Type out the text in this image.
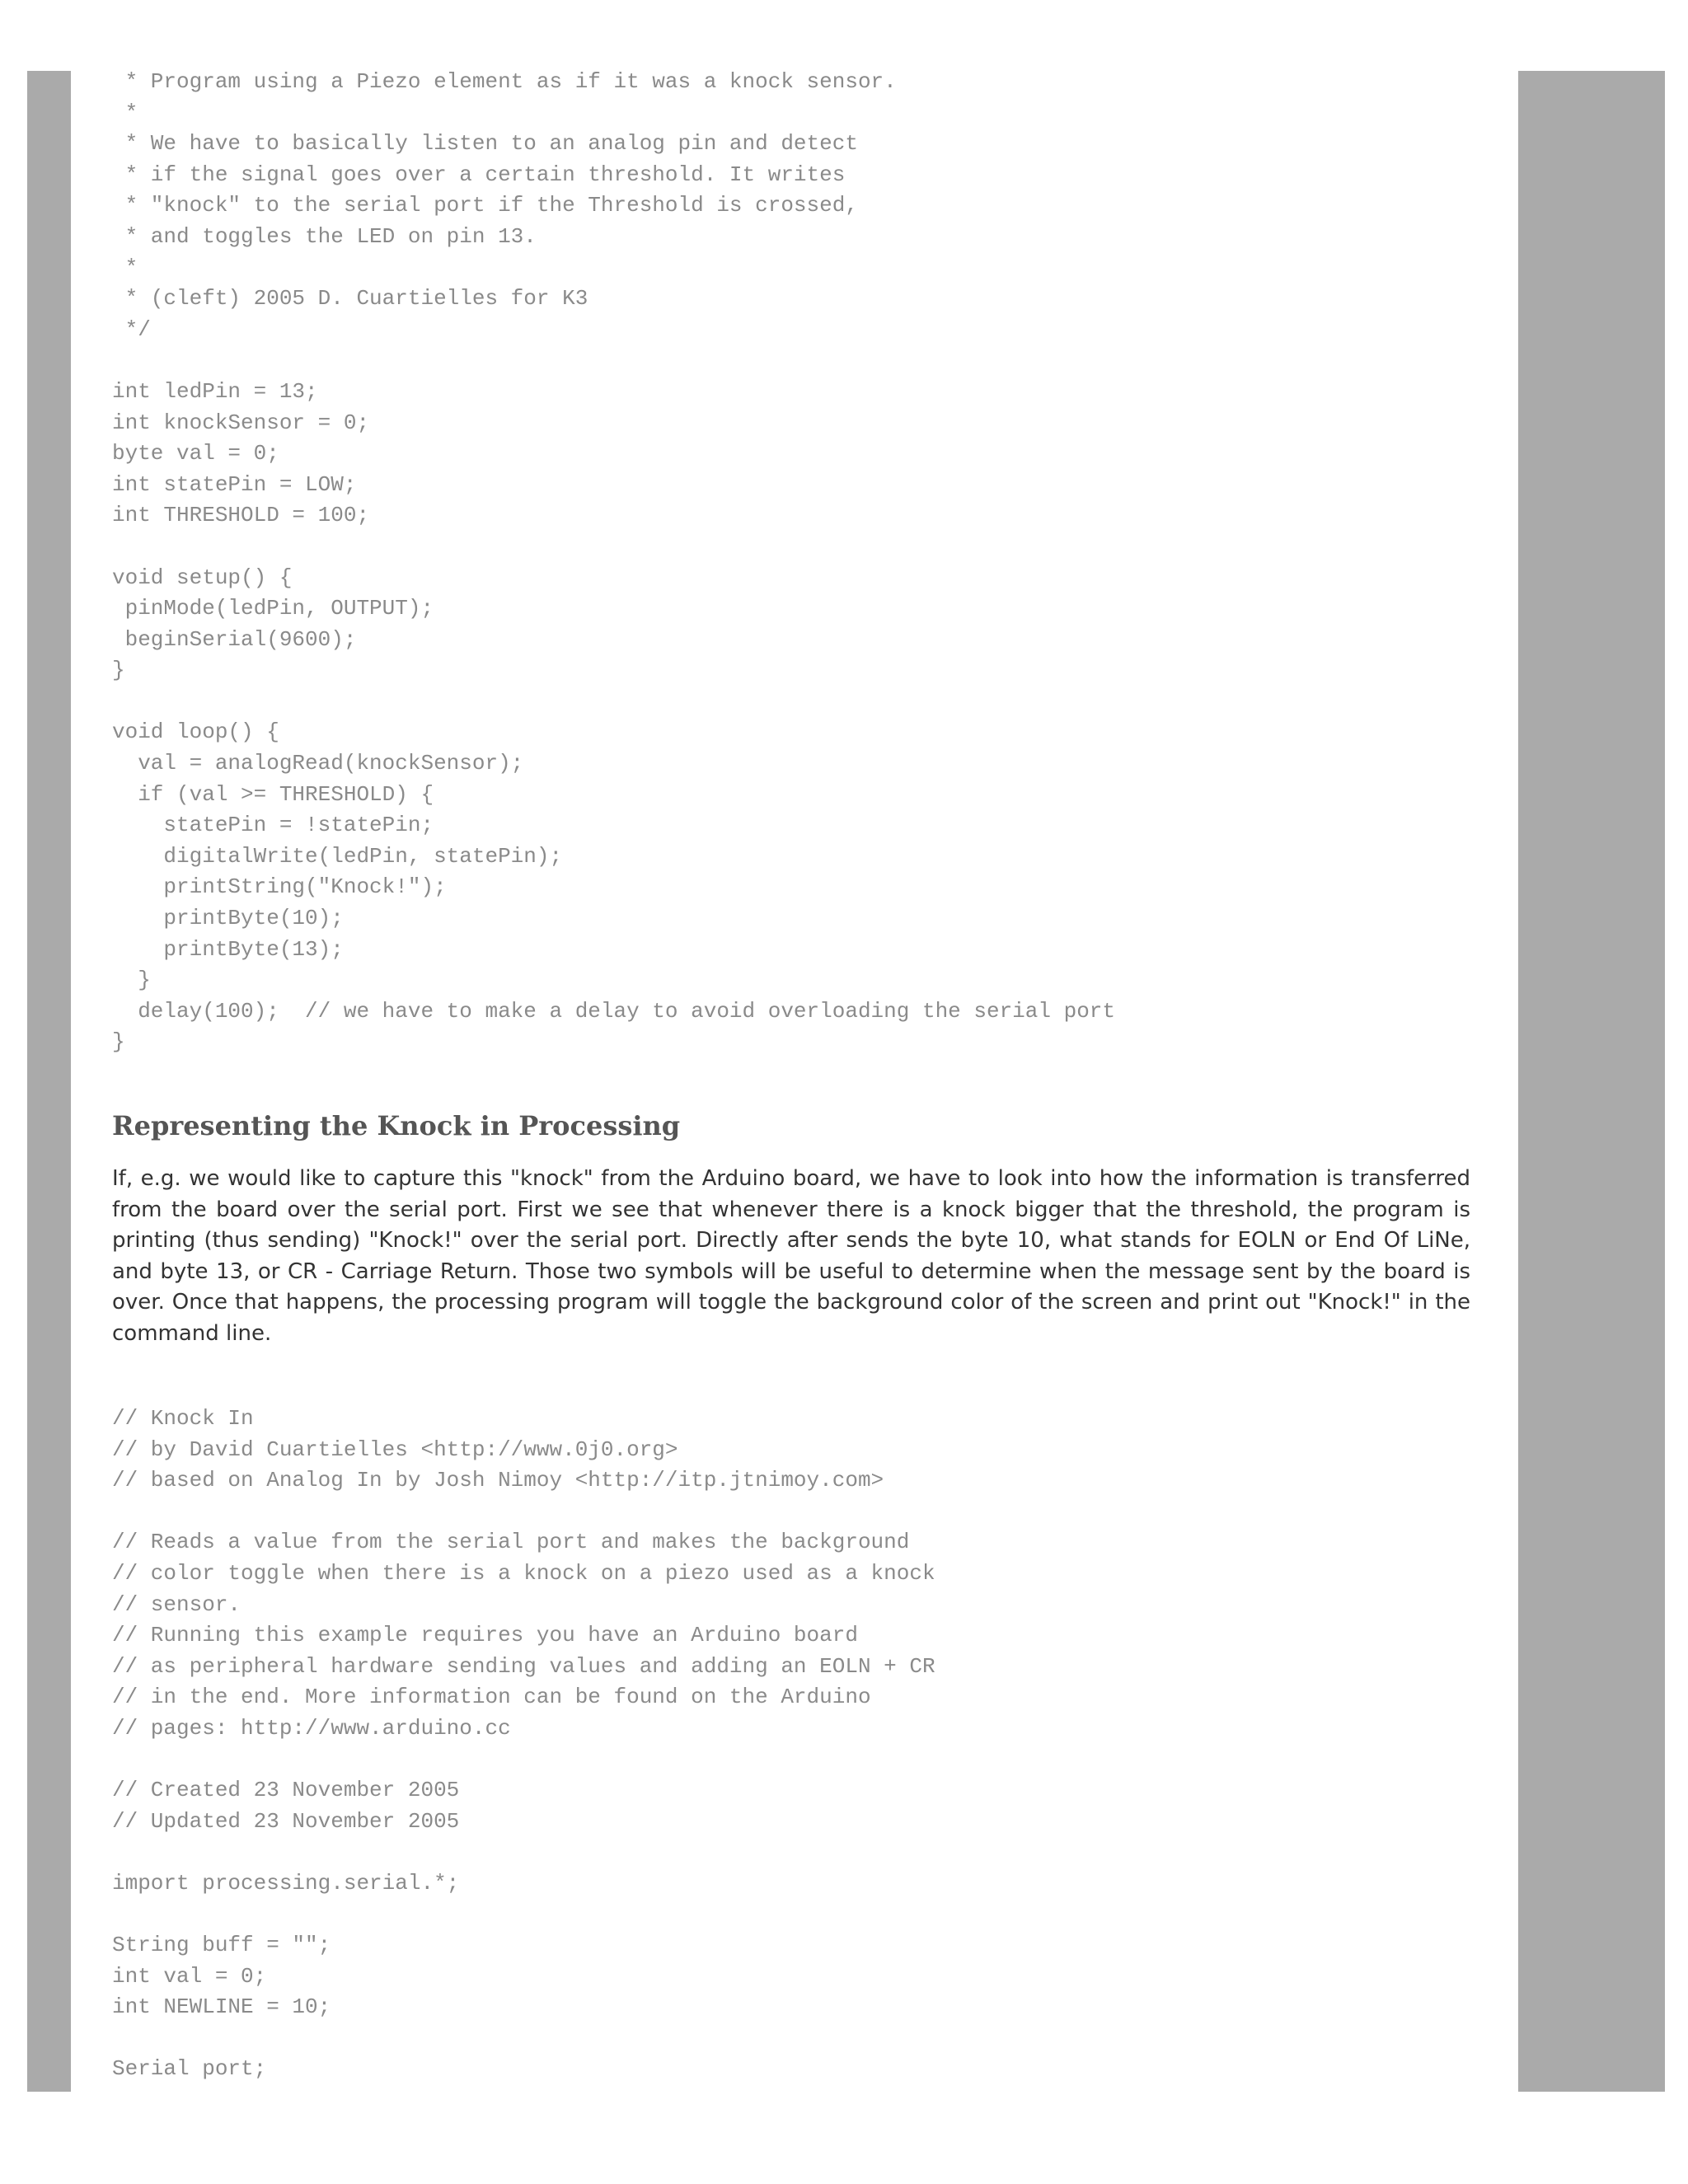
* Program using a Piezo element as if it was a knock sensor.
*
* We have to basically listen to an analog pin and detect
* if the signal goes over a certain threshold. It writes
* "knock" to the serial port if the Threshold is crossed,
* and toggles the LED on pin 13.
*
* (cleft) 2005 D. Cuartielles for K3
*/

int ledPin = 13;
int knockSensor = 0;
byte val = 0;
int statePin = LOW;
int THRESHOLD = 100;

void setup() {
pinMode(ledPin, OUTPUT);
beginSerial(9600);
}

void loop() {
val = analogRead(knockSensor);
if (val >= THRESHOLD) {
statePin = !statePin;
digitalWrite(ledPin, statePin);
printString("Knock!");
printByte(10);
printByte(13);
}
delay(100);  // we have to make a delay to avoid overloading the serial port
}
Representing the Knock in Processing

If, e.g. we would like to capture this "knock" from the Arduino board, we have to look into how the information is transferred from the board over the serial port. First we see that whenever there is a knock bigger that the threshold, the program is printing (thus sending) "Knock!" over the serial port. Directly after sends the byte 10, what stands for EOLN or End Of LiNe, and byte 13, or CR - Carriage Return. Those two symbols will be useful to determine when the message sent by the board is over. Once that happens, the processing program will toggle the background color of the screen and print out "Knock!" in the command line.

// Knock In
// by David Cuartielles <http://www.0j0.org>
// based on Analog In by Josh Nimoy <http://itp.jtnimoy.com>

// Reads a value from the serial port and makes the background
// color toggle when there is a knock on a piezo used as a knock
// sensor.
// Running this example requires you have an Arduino board
// as peripheral hardware sending values and adding an EOLN + CR
// in the end. More information can be found on the Arduino
// pages: http://www.arduino.cc

// Created 23 November 2005
// Updated 23 November 2005

import processing.serial.*;

String buff = "";
int val = 0;
int NEWLINE = 10;

Serial port;
